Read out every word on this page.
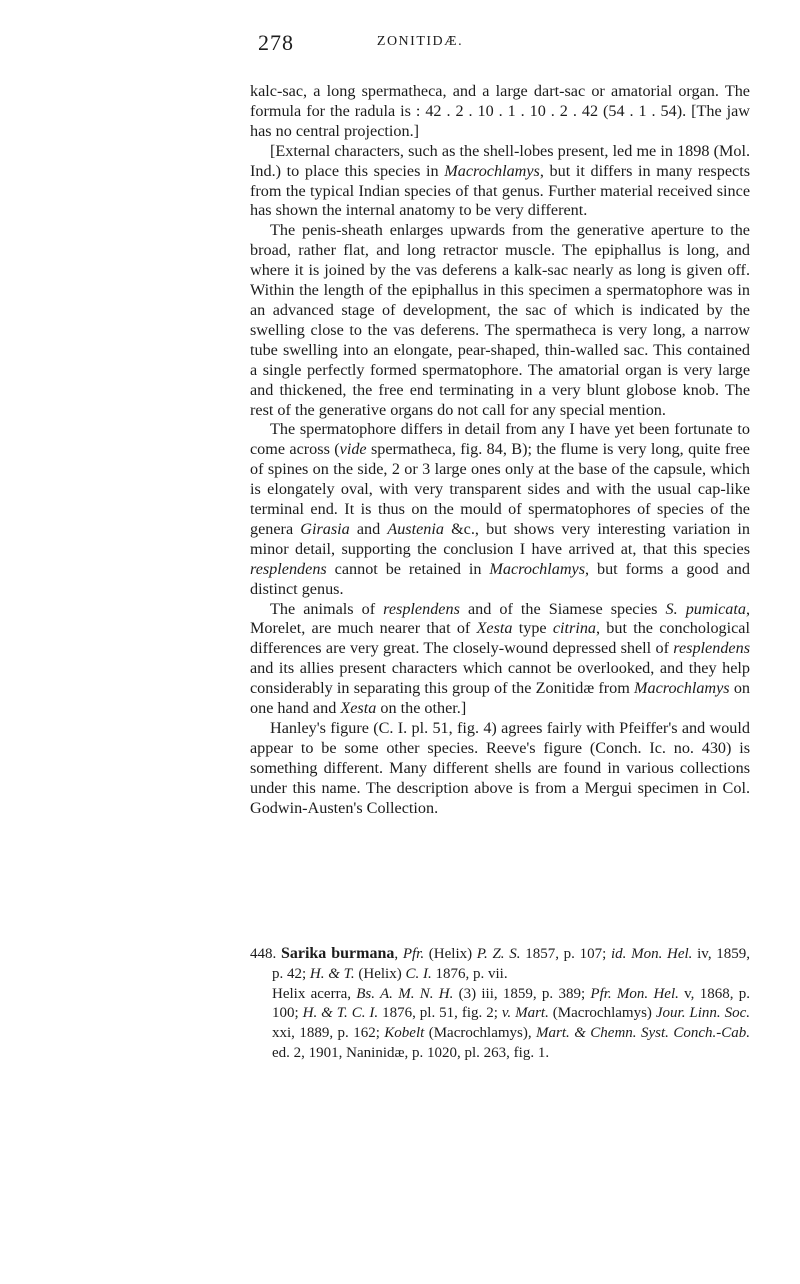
278	ZONITIDÆ.

kalc-sac, a long spermatheca, and a large dart-sac or amatorial organ. The formula for the radula is : 42 . 2 . 10 . 1 . 10 . 2 . 42 (54 . 1 . 54). [The jaw has no central projection.]

[External characters, such as the shell-lobes present, led me in 1898 (Mol. Ind.) to place this species in Macrochlamys, but it differs in many respects from the typical Indian species of that genus. Further material received since has shown the internal anatomy to be very different.

The penis-sheath enlarges upwards from the generative aperture to the broad, rather flat, and long retractor muscle. The epiphallus is long, and where it is joined by the vas deferens a kalk-sac nearly as long is given off. Within the length of the epiphallus in this specimen a spermatophore was in an advanced stage of development, the sac of which is indicated by the swelling close to the vas deferens. The spermatheca is very long, a narrow tube swelling into an elongate, pear-shaped, thin-walled sac. This contained a single perfectly formed spermatophore. The amatorial organ is very large and thickened, the free end terminating in a very blunt globose knob. The rest of the generative organs do not call for any special mention.

The spermatophore differs in detail from any I have yet been fortunate to come across (vide spermatheca, fig. 84, B); the flume is very long, quite free of spines on the side, 2 or 3 large ones only at the base of the capsule, which is elongately oval, with very transparent sides and with the usual cap-like terminal end. It is thus on the mould of spermatophores of species of the genera Girasia and Austenia &c., but shows very interesting variation in minor detail, supporting the conclusion I have arrived at, that this species resplendens cannot be retained in Macrochlamys, but forms a good and distinct genus.

The animals of resplendens and of the Siamese species S. pumicata, Morelet, are much nearer that of Xesta type citrina, but the conchological differences are very great. The closely-wound depressed shell of resplendens and its allies present characters which cannot be overlooked, and they help considerably in separating this group of the Zonitidæ from Macrochlamys on one hand and Xesta on the other.]

Hanley's figure (C. I. pl. 51, fig. 4) agrees fairly with Pfeiffer's and would appear to be some other species. Reeve's figure (Conch. Ic. no. 430) is something different. Many different shells are found in various collections under this name. The description above is from a Mergui specimen in Col. Godwin-Austen's Collection.

448. Sarika burmana, Pfr. (Helix) P. Z. S. 1857, p. 107; id. Mon. Hel. iv, 1859, p. 42; H. & T. (Helix) C. I. 1876, p. vii.

Helix acerra, Bs. A. M. N. H. (3) iii, 1859, p. 389; Pfr. Mon. Hel. v, 1868, p. 100; H. & T. C. I. 1876, pl. 51, fig. 2; v. Mart. (Macrochlamys) Jour. Linn. Soc. xxi, 1889, p. 162; Kobelt (Macrochlamys), Mart. & Chemn. Syst. Conch.-Cab. ed. 2, 1901, Naninidæ, p. 1020, pl. 263, fig. 1.
